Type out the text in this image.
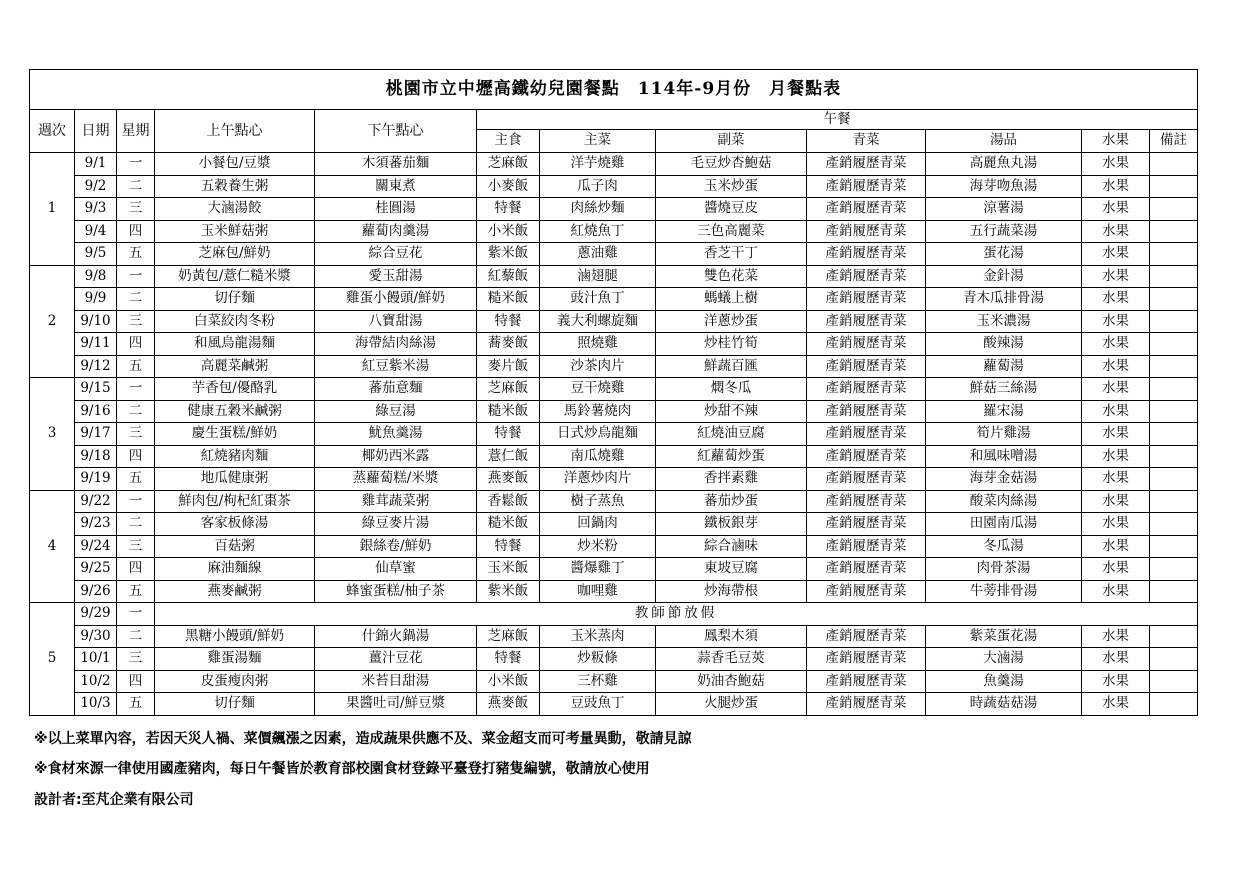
桃園市立中壢高鐵幼兒園餐點　114年-9月份　月餐點表											
週次	日期	星期	上午點心	下午點心	午餐						
					主食	主菜	副菜	青菜	湯品	水果	備註
1	9/1	一	小餐包/豆漿	木須蕃茄麵	芝麻飯	洋芋燒雞	毛豆炒杏鮑菇	產銷履歷青菜	高麗魚丸湯	水果	
	9/2	二	五穀養生粥	關東煮	小麥飯	瓜子肉	玉米炒蛋	產銷履歷青菜	海芽吻魚湯	水果	
	9/3	三	大滷湯餃	桂圓湯	特餐	肉絲炒麵	醬燒豆皮	產銷履歷青菜	涼薯湯	水果	
	9/4	四	玉米鮮菇粥	蘿蔔肉羹湯	小米飯	紅燒魚丁	三色高麗菜	產銷履歷青菜	五行蔬菜湯	水果	
	9/5	五	芝麻包/鮮奶	綜合豆花	紫米飯	蔥油雞	香芝干丁	產銷履歷青菜	蛋花湯	水果	
2	9/8	一	奶黃包/薏仁糙米漿	愛玉甜湯	紅藜飯	滷翅腿	雙色花菜	產銷履歷青菜	金針湯	水果	
	9/9	二	切仔麵	雞蛋小饅頭/鮮奶	糙米飯	豉汁魚丁	螞蟻上樹	產銷履歷青菜	青木瓜排骨湯	水果	
	9/10	三	白菜絞肉冬粉	八寶甜湯	特餐	義大利螺旋麵	洋蔥炒蛋	產銷履歷青菜	玉米濃湯	水果	
	9/11	四	和風烏龍湯麵	海帶結肉絲湯	蕎麥飯	照燒雞	炒桂竹筍	產銷履歷青菜	酸辣湯	水果	
	9/12	五	高麗菜鹹粥	紅豆紫米湯	麥片飯	沙茶肉片	鮮蔬百匯	產銷履歷青菜	蘿蔔湯	水果	
3	9/15	一	芋香包/優酪乳	蕃茄意麵	芝麻飯	豆干燒雞	燜冬瓜	產銷履歷青菜	鮮菇三絲湯	水果	
	9/16	二	健康五穀米鹹粥	綠豆湯	糙米飯	馬鈴薯燒肉	炒甜不辣	產銷履歷青菜	羅宋湯	水果	
	9/17	三	慶生蛋糕/鮮奶	魷魚羹湯	特餐	日式炒烏龍麵	紅燒油豆腐	產銷履歷青菜	筍片雞湯	水果	
	9/18	四	紅燒豬肉麵	椰奶西米露	薏仁飯	南瓜燒雞	紅蘿蔔炒蛋	產銷履歷青菜	和風味噌湯	水果	
	9/19	五	地瓜健康粥	蒸蘿蔔糕/米漿	燕麥飯	洋蔥炒肉片	香拌素雞	產銷履歷青菜	海芽金菇湯	水果	
4	9/22	一	鮮肉包/枸杞紅棗茶	雞茸蔬菜粥	香鬆飯	樹子蒸魚	蕃茄炒蛋	產銷履歷青菜	酸菜肉絲湯	水果	
	9/23	二	客家板條湯	綠豆麥片湯	糙米飯	回鍋肉	鐵板銀芽	產銷履歷青菜	田園南瓜湯	水果	
	9/24	三	百菇粥	銀絲卷/鮮奶	特餐	炒米粉	綜合滷味	產銷履歷青菜	冬瓜湯	水果	
	9/25	四	麻油麵線	仙草蜜	玉米飯	醬爆雞丁	東坡豆腐	產銷履歷青菜	肉骨茶湯	水果	
	9/26	五	燕麥鹹粥	蜂蜜蛋糕/柚子茶	紫米飯	咖哩雞	炒海帶根	產銷履歷青菜	牛蒡排骨湯	水果	
5	9/29	一	教師節放假								
	9/30	二	黑糖小饅頭/鮮奶	什錦火鍋湯	芝麻飯	玉米蒸肉	鳳梨木須	產銷履歷青菜	紫菜蛋花湯	水果	
	10/1	三	雞蛋湯麵	薑汁豆花	特餐	炒粄條	蒜香毛豆莢	產銷履歷青菜	大滷湯	水果	
	10/2	四	皮蛋瘦肉粥	米苔目甜湯	小米飯	三杯雞	奶油杏鮑菇	產銷履歷青菜	魚羹湯	水果	
	10/3	五	切仔麵	果醬吐司/鮮豆漿	燕麥飯	豆豉魚丁	火腿炒蛋	產銷履歷青菜	時蔬菇菇湯	水果	
※以上菜單內容，若因天災人禍、菜價飆漲之因素，造成蔬果供應不及、菜金超支而可考量異動，敬請見諒
※食材來源一律使用國產豬肉，每日午餐皆於教育部校園食材登錄平臺登打豬隻編號，敬請放心使用
設計者:至芃企業有限公司
